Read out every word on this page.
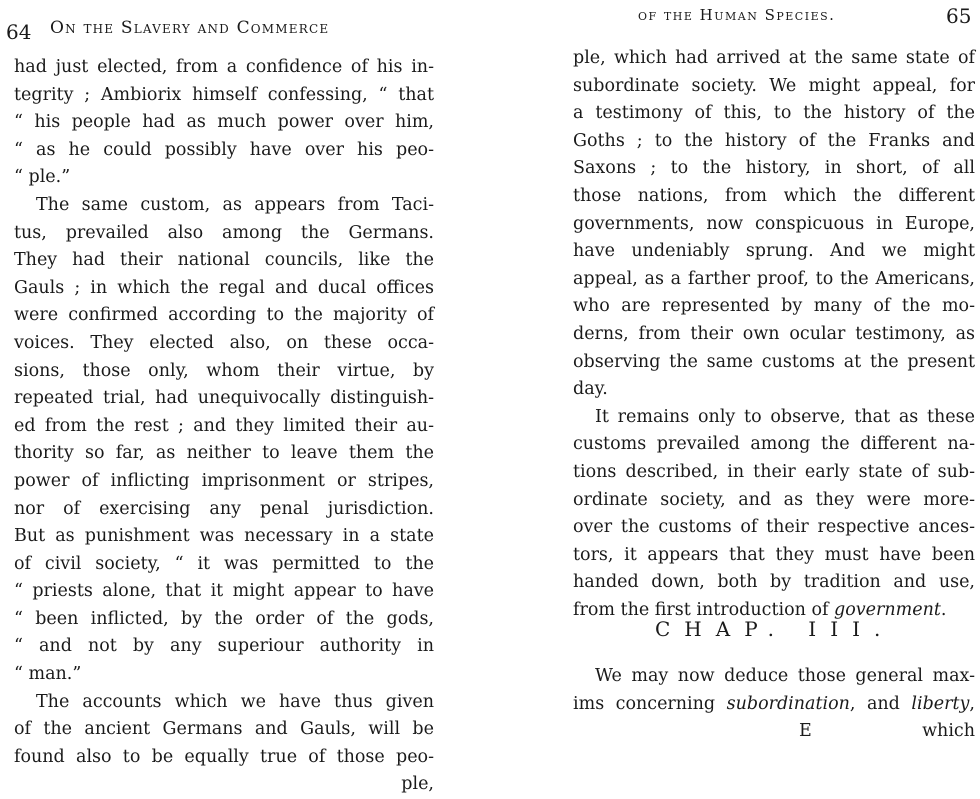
64 On the Slavery and Commerce
had just elected, from a confidence of his in-
tegrity ; Ambiorix himself confessing, “ that
“ his people had as much power over him,
“ as he could possibly have over his peo-
“ ple.”
The same custom, as appears from Taci-
tus, prevailed also among the Germans.
They had their national councils, like the
Gauls ; in which the regal and ducal offices
were confirmed according to the majority of
voices. They elected also, on these occa-
sions, those only, whom their virtue, by
repeated trial, had unequivocally distinguish-
ed from the rest ; and they limited their au-
thority so far, as neither to leave them the
power of inflicting imprisonment or stripes,
nor of exercising any penal jurisdiction.
But as punishment was necessary in a state
of civil society, “ it was permitted to the
“ priests alone, that it might appear to have
“ been inflicted, by the order of the gods,
“ and not by any superiour authority in
“ man.”
The accounts which we have thus given
of the ancient Germans and Gauls, will be
found also to be equally true of those peo-
ple,
of the Human Species.	65
ple, which had arrived at the same state of
subordinate society. We might appeal, for
a testimony of this, to the history of the
Goths ; to the history of the Franks and
Saxons ; to the history, in short, of all
those nations, from which the different
governments, now conspicuous in Europe,
have undeniably sprung. And we might
appeal, as a farther proof, to the Americans,
who are represented by many of the mo-
derns, from their own ocular testimony, as
observing the same customs at the present
day.
It remains only to observe, that as these
customs prevailed among the different na-
tions described, in their early state of sub-
ordinate society, and as they were more-
over the customs of their respective ances-
tors, it appears that they must have been
handed down, both by tradition and use,
from the first introduction of government.
CHAP. III.
We may now deduce those general max-
ims concerning subordination, and liberty,
E	which
